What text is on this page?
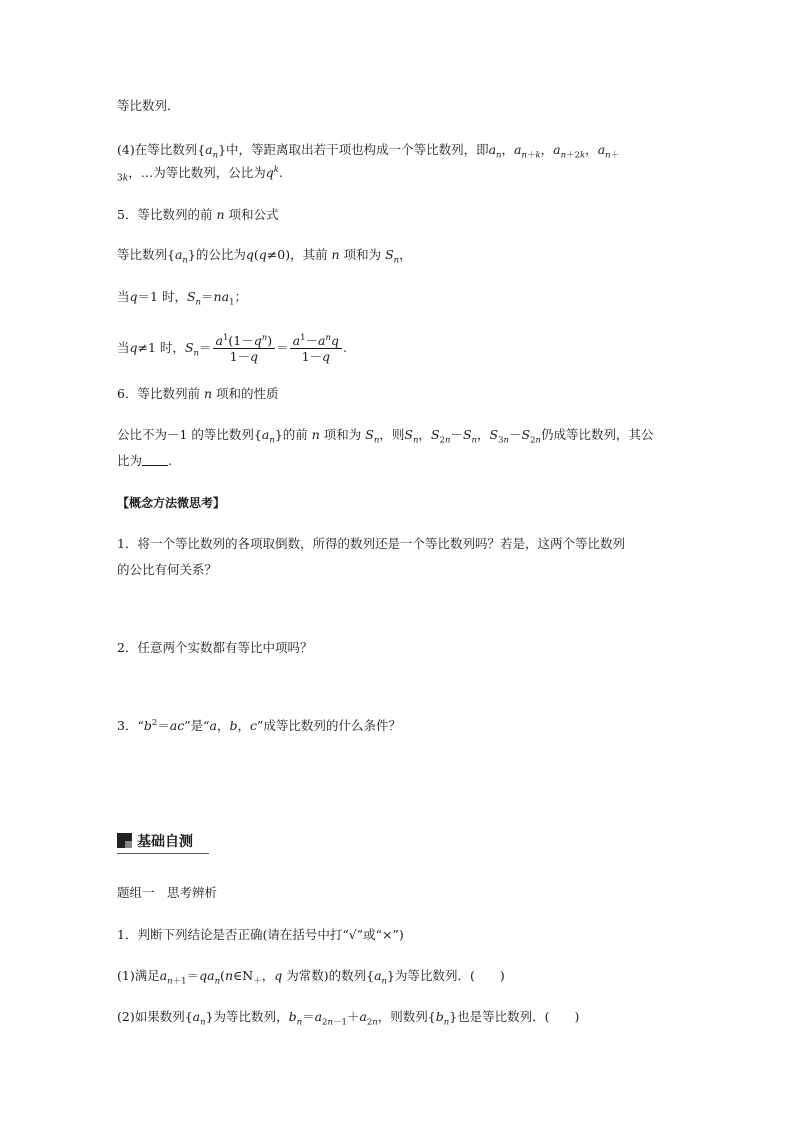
等比数列．
(4)在等比数列$\{a_n\}$中，等距离取出若干项也构成一个等比数列，即$a_n$，$a_{n+k}$，$a_{n+2k}$，$a_{n+}$
$_{3k}$，…为等比数列，公比为$q^k$.
5．等比数列的前 n 项和公式
等比数列$\{a_n\}$的公比为q(q≠0)，其前 n 项和为 $S_n$，
当q＝1 时，$S_n=na_1$；
当q≠1 时，$S_n= \frac{a^1(1-q^n)}{1-q} = \frac{a^1-a^nq}{1-q}$ .
6．等比数列前 n 项和的性质
公比不为－1 的等比数列$\{a_n\}$的前 n 项和为 $S_n$，则$S_n$，$S_{2n}-S_n$，$S_{3n}-S_{2n}$仍成等比数列，其公
比为 .
【概念方法微思考】
1．将一个等比数列的各项取倒数，所得的数列还是一个等比数列吗？若是，这两个等比数列
的公比有何关系？
2．任意两个实数都有等比中项吗？
3．“$b^2=ac$”是“a，b，c”成等比数列的什么条件？
基础自测
题组一　思考辨析
1．判断下列结论是否正确(请在括号中打“√”或“×”)
(1)满足$a_{n+1}=qa_n(n\in N_+$，q 为常数)的数列$\{a_n\}$为等比数列．(　　)
(2)如果数列$\{a_n\}$为等比数列，$b_n=a_{2n-1}+a_{2n}$，则数列$\{b_n\}$也是等比数列．(　　)
